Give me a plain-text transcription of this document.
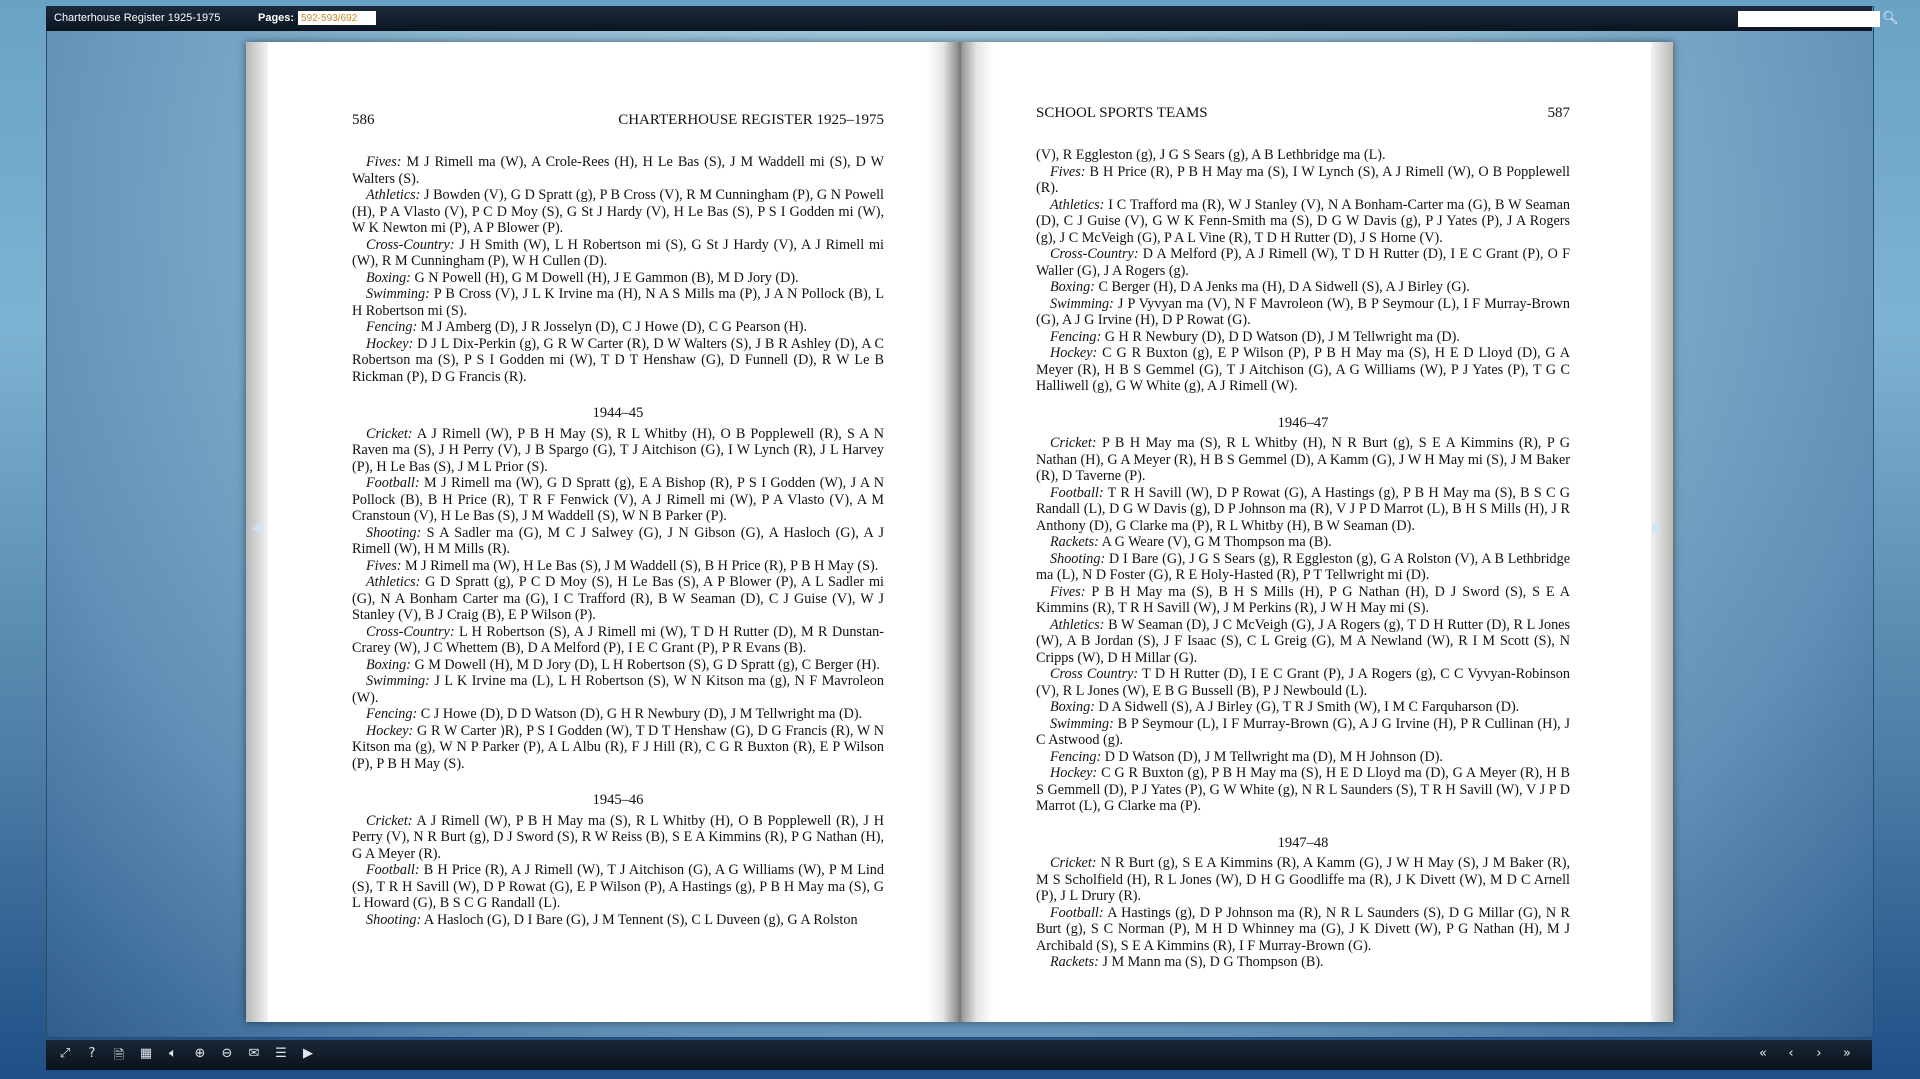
Charterhouse Register 1925-1975	Pages:
592-593/692	🔍︎
586	CHARTERHOUSE REGISTER 1925–1975

Fives: M J Rimell ma (W), A Crole-Rees (H), H Le Bas (S), J M Waddell mi (S), D W Walters (S).

Athletics: J Bowden (V), G D Spratt (g), P B Cross (V), R M Cunningham (P), G N Powell (H), P A Vlasto (V), P C D Moy (S), G St J Hardy (V), H Le Bas (S), P S I Godden mi (W), W K Newton mi (P), A P Blower (P).

Cross-Country: J H Smith (W), L H Robertson mi (S), G St J Hardy (V), A J Rimell mi (W), R M Cunningham (P), W H Cullen (D).

Boxing: G N Powell (H), G M Dowell (H), J E Gammon (B), M D Jory (D).

Swimming: P B Cross (V), J L K Irvine ma (H), N A S Mills ma (P), J A N Pollock (B), L H Robertson mi (S).

Fencing: M J Amberg (D), J R Josselyn (D), C J Howe (D), C G Pearson (H).

Hockey: D J L Dix-Perkin (g), G R W Carter (R), D W Walters (S), J B R Ashley (D), A C Robertson ma (S), P S I Godden mi (W), T D T Henshaw (G), D Funnell (D), R W Le B Rickman (P), D G Francis (R).

1944–45

Cricket: A J Rimell (W), P B H May (S), R L Whitby (H), O B Popplewell (R), S A N Raven ma (S), J H Perry (V), J B Spargo (G), T J Aitchison (G), I W Lynch (R), J L Harvey (P), H Le Bas (S), J M L Prior (S).

Football: M J Rimell ma (W), G D Spratt (g), E A Bishop (R), P S I Godden (W), J A N Pollock (B), B H Price (R), T R F Fenwick (V), A J Rimell mi (W), P A Vlasto (V), A M Cranstoun (V), H Le Bas (S), J M Waddell (S), W N B Parker (P).

Shooting: S A Sadler ma (G), M C J Salwey (G), J N Gibson (G), A Hasloch (G), A J Rimell (W), H M Mills (R).

Fives: M J Rimell ma (W), H Le Bas (S), J M Waddell (S), B H Price (R), P B H May (S).

Athletics: G D Spratt (g), P C D Moy (S), H Le Bas (S), A P Blower (P), A L Sadler mi (G), N A Bonham Carter ma (G), I C Trafford (R), B W Seaman (D), C J Guise (V), W J Stanley (V), B J Craig (B), E P Wilson (P).

Cross-Country: L H Robertson (S), A J Rimell mi (W), T D H Rutter (D), M R Dunstan-Crarey (W), J C Whettem (B), D A Melford (P), I E C Grant (P), P R Evans (B).

Boxing: G M Dowell (H), M D Jory (D), L H Robertson (S), G D Spratt (g), C Berger (H).

Swimming: J L K Irvine ma (L), L H Robertson (S), W N Kitson ma (g), N F Mavroleon (W).

Fencing: C J Howe (D), D D Watson (D), G H R Newbury (D), J M Tellwright ma (D).

Hockey: G R W Carter )R), P S I Godden (W), T D T Henshaw (G), D G Francis (R), W N Kitson ma (g), W N P Parker (P), A L Albu (R), F J Hill (R), C G R Buxton (R), E P Wilson (P), P B H May (S).

1945–46

Cricket: A J Rimell (W), P B H May ma (S), R L Whitby (H), O B Popplewell (R), J H Perry (V), N R Burt (g), D J Sword (S), R W Reiss (B), S E A Kimmins (R), P G Nathan (H), G A Meyer (R).

Football: B H Price (R), A J Rimell (W), T J Aitchison (G), A G Williams (W), P M Lind (S), T R H Savill (W), D P Rowat (G), E P Wilson (P), A Hastings (g), P B H May ma (S), G L Howard (G), B S C G Randall (L).

Shooting: A Hasloch (G), D I Bare (G), J M Tennent (S), C L Duveen (g), G A Rolston

SCHOOL SPORTS TEAMS	587

(V), R Eggleston (g), J G S Sears (g), A B Lethbridge ma (L).

Fives: B H Price (R), P B H May ma (S), I W Lynch (S), A J Rimell (W), O B Popplewell (R).

Athletics: I C Trafford ma (R), W J Stanley (V), N A Bonham-Carter ma (G), B W Seaman (D), C J Guise (V), G W K Fenn-Smith ma (S), D G W Davis (g), P J Yates (P), J A Rogers (g), J C McVeigh (G), P A L Vine (R), T D H Rutter (D), J S Horne (V).

Cross-Country: D A Melford (P), A J Rimell (W), T D H Rutter (D), I E C Grant (P), O F Waller (G), J A Rogers (g).

Boxing: C Berger (H), D A Jenks ma (H), D A Sidwell (S), A J Birley (G).

Swimming: J P Vyvyan ma (V), N F Mavroleon (W), B P Seymour (L), I F Murray-Brown (G), A J G Irvine (H), D P Rowat (G).

Fencing: G H R Newbury (D), D D Watson (D), J M Tellwright ma (D).

Hockey: C G R Buxton (g), E P Wilson (P), P B H May ma (S), H E D Lloyd (D), G A Meyer (R), H B S Gemmel (G), T J Aitchison (G), A G Williams (W), P J Yates (P), T G C Halliwell (g), G W White (g), A J Rimell (W).

1946–47

Cricket: P B H May ma (S), R L Whitby (H), N R Burt (g), S E A Kimmins (R), P G Nathan (H), G A Meyer (R), H B S Gemmel (D), A Kamm (G), J W H May mi (S), J M Baker (R), D Taverne (P).

Football: T R H Savill (W), D P Rowat (G), A Hastings (g), P B H May ma (S), B S C G Randall (L), D G W Davis (g), D P Johnson ma (R), V J P D Marrot (L), B H S Mills (H), J R Anthony (D), G Clarke ma (P), R L Whitby (H), B W Seaman (D).

Rackets: A G Weare (V), G M Thompson ma (B).

Shooting: D I Bare (G), J G S Sears (g), R Eggleston (g), G A Rolston (V), A B Lethbridge ma (L), N D Foster (G), R E Holy-Hasted (R), P T Tellwright mi (D).

Fives: P B H May ma (S), B H S Mills (H), P G Nathan (H), D J Sword (S), S E A Kimmins (R), T R H Savill (W), J M Perkins (R), J W H May mi (S).

Athletics: B W Seaman (D), J C McVeigh (G), J A Rogers (g), T D H Rutter (D), R L Jones (W), A B Jordan (S), J F Isaac (S), C L Greig (G), M A Newland (W), R I M Scott (S), N Cripps (W), D H Millar (G).

Cross Country: T D H Rutter (D), I E C Grant (P), J A Rogers (g), C C Vyvyan-Robinson (V), R L Jones (W), E B G Bussell (B), P J Newbould (L).

Boxing: D A Sidwell (S), A J Birley (G), T R J Smith (W), I M C Farquharson (D).

Swimming: B P Seymour (L), I F Murray-Brown (G), A J G Irvine (H), P R Cullinan (H), J C Astwood (g).

Fencing: D D Watson (D), J M Tellwright ma (D), M H Johnson (D).

Hockey: C G R Buxton (g), P B H May ma (S), H E D Lloyd ma (D), G A Meyer (R), H B S Gemmell (D), P J Yates (P), G W White (g), N R L Saunders (S), T R H Savill (W), V J P D Marrot (L), G Clarke ma (P).

1947–48

Cricket: N R Burt (g), S E A Kimmins (R), A Kamm (G), J W H May (S), J M Baker (R), M S Scholfield (H), R L Jones (W), D H G Goodliffe ma (R), J K Divett (W), M D C Arnell (P), J L Drury (R).

Football: A Hastings (g), D P Johnson ma (R), N R L Saunders (S), D G Millar (G), N R Burt (g), S C Norman (P), M H D Whinney ma (G), J K Divett (W), P G Nathan (H), M J Archibald (S), S E A Kimmins (R), I F Murray-Brown (G).

Rackets: J M Mann ma (S), D G Thompson (B).

◀	▶
⤢	?	🗎 ▦	🔈︎	⊕ ⊖ ✉ ☰	▶	«	‹	›	»
